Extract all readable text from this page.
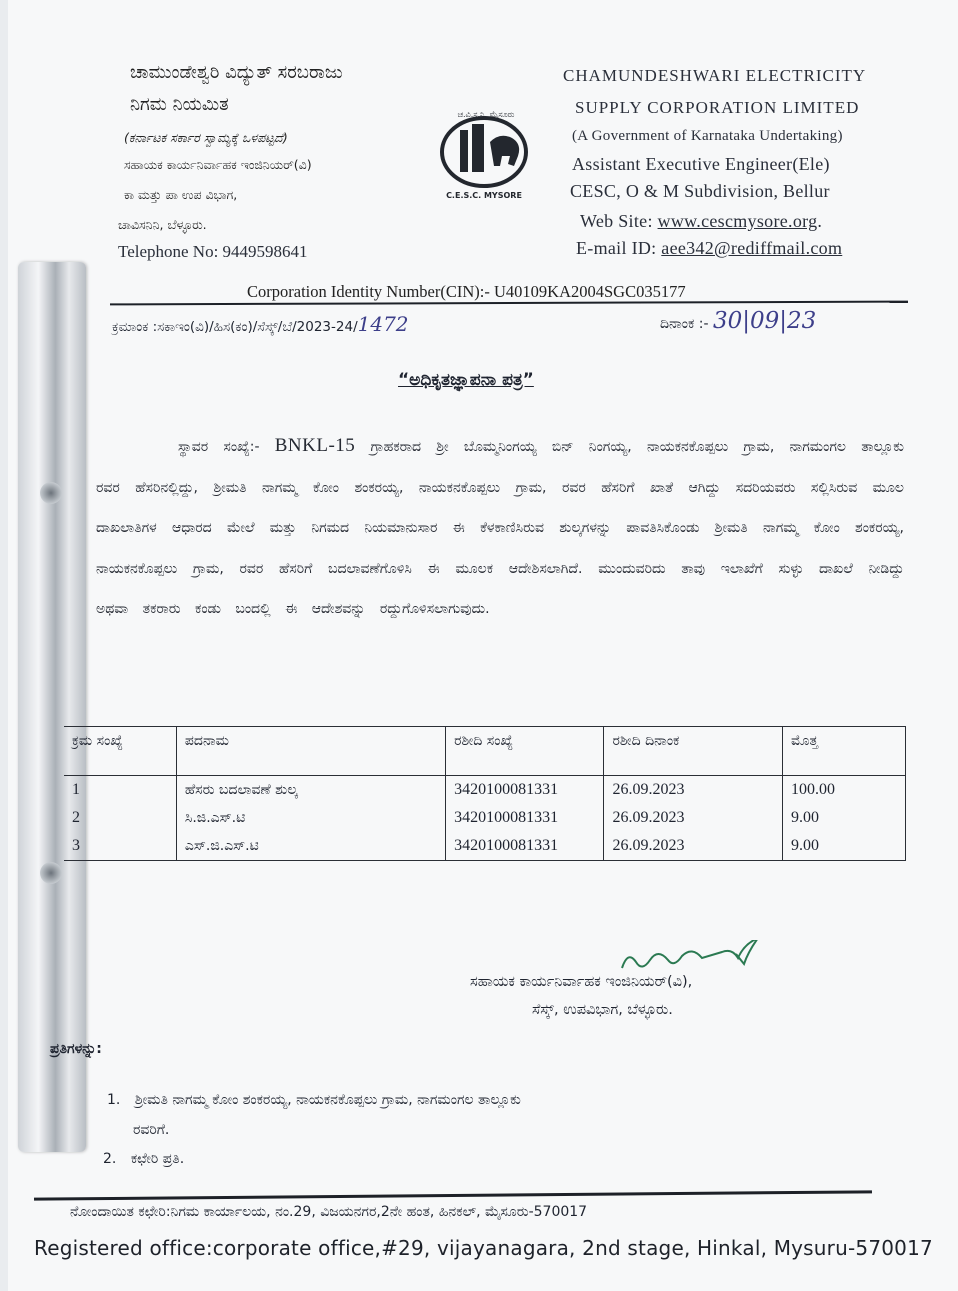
ಚಾಮುಂಡೇಶ್ವರಿ ವಿದ್ಯುತ್ ಸರಬರಾಜು
ನಿಗಮ ನಿಯಮಿತ
(ಕರ್ನಾಟಕ ಸರ್ಕಾರ ಸ್ವಾಮ್ಯಕ್ಕೆ ಒಳಪಟ್ಟದೆ)
ಸಹಾಯಕ ಕಾರ್ಯನಿರ್ವಾಹಕ ಇಂಜಿನಿಯರ್(ವಿ)
ಕಾ ಮತ್ತು ಪಾ ಉಪ ವಿಭಾಗ,
ಚಾವಿಸನಿನಿ, ಬೆಳ್ಳೂರು.
Telephone No: 9449598641
ಚ.ವಿ.ಸ.ನಿ. ಮೈಸೂರು
C.E.S.C. MYSORE
CHAMUNDESHWARI ELECTRICITY
SUPPLY CORPORATION LIMITED
(A Government of Karnataka Undertaking)
Assistant Executive Engineer(Ele)
CESC, O & M Subdivision, Bellur
Web Site: www.cescmysore.org.
E-mail ID: aee342@rediffmail.com
Corporation Identity Number(CIN):- U40109KA2004SGC035177
ಕ್ರಮಾಂಕ :ಸಕಾಇಂ(ವಿ)/ಹಿಸ(ಕಂ)/ಸೆಸ್ಕ್/ಬೆ/2023-24/1472	ದಿನಾಂಕ :- 30|09|23
“ಅಧಿಕೃತಜ್ಞಾಪನಾ ಪತ್ರ”
ಸ್ಥಾವರ ಸಂಖ್ಯೆ:- BNKL-15 ಗ್ರಾಹಕರಾದ ಶ್ರೀ ಬೊಮ್ಮನಿಂಗಯ್ಯ ಬಿನ್ ನಿಂಗಯ್ಯ, ನಾಯಕನಕೊಪ್ಪಲು ಗ್ರಾಮ, ನಾಗಮಂಗಲ ತಾಲ್ಲೂಕು ರವರ ಹೆಸರಿನಲ್ಲಿದ್ದು, ಶ್ರೀಮತಿ ನಾಗಮ್ಮ ಕೋಂ ಶಂಕರಯ್ಯ, ನಾಯಕನಕೊಪ್ಪಲು ಗ್ರಾಮ, ರವರ ಹೆಸರಿಗೆ ಖಾತೆ ಆಗಿದ್ದು ಸದರಿಯವರು ಸಲ್ಲಿಸಿರುವ ಮೂಲ ದಾಖಲಾತಿಗಳ ಆಧಾರದ ಮೇಲೆ ಮತ್ತು ನಿಗಮದ ನಿಯಮಾನುಸಾರ ಈ ಕೆಳಕಾಣಿಸಿರುವ ಶುಲ್ಕಗಳನ್ನು ಪಾವತಿಸಿಕೊಂಡು ಶ್ರೀಮತಿ ನಾಗಮ್ಮ ಕೋಂ ಶಂಕರಯ್ಯ, ನಾಯಕನಕೊಪ್ಪಲು ಗ್ರಾಮ, ರವರ ಹೆಸರಿಗೆ ಬದಲಾವಣೆಗೊಳಿಸಿ ಈ ಮೂಲಕ ಆದೇಶಿಸಲಾಗಿದೆ. ಮುಂದುವರಿದು ತಾವು ಇಲಾಖೆಗೆ ಸುಳ್ಳು ದಾಖಲೆ ನೀಡಿದ್ದು ಅಥವಾ ತಕರಾರು ಕಂಡು ಬಂದಲ್ಲಿ ಈ ಆದೇಶವನ್ನು ರದ್ದುಗೊಳಿಸಲಾಗುವುದು.
ಕ್ರಮ ಸಂಖ್ಯೆ	ಪದನಾಮ	ರಶೀದಿ ಸಂಖ್ಯೆ	ರಶೀದಿ ದಿನಾಂಕ	ಮೊತ್ತ
1	ಹೆಸರು ಬದಲಾವಣೆ ಶುಲ್ಕ	3420100081331	26.09.2023	100.00
2	ಸಿ.ಜಿ.ಎಸ್.ಟಿ	3420100081331	26.09.2023	9.00
3	ಎಸ್.ಜಿ.ಎಸ್.ಟಿ	3420100081331	26.09.2023	9.00
ಸಹಾಯಕ ಕಾರ್ಯನಿರ್ವಾಹಕ ಇಂಜಿನಿಯರ್(ವಿ),
ಸೆಸ್ಕ್, ಉಪವಿಭಾಗ, ಬೆಳ್ಳೂರು.
ಪ್ರತಿಗಳನ್ನು:
1. ಶ್ರೀಮತಿ ನಾಗಮ್ಮ ಕೋಂ ಶಂಕರಯ್ಯ, ನಾಯಕನಕೊಪ್ಪಲು ಗ್ರಾಮ, ನಾಗಮಂಗಲ ತಾಲ್ಲೂಕು
ರವರಿಗೆ.
2. ಕಛೇರಿ ಪ್ರತಿ.
ನೋಂದಾಯಿತ ಕಛೇರಿ:ನಿಗಮ ಕಾರ್ಯಾಲಯ, ನಂ.29, ವಿಜಯನಗರ,2ನೇ ಹಂತ, ಹಿನಕಲ್, ಮೈಸೂರು-570017
Registered office:corporate office,#29, vijayanagara, 2nd stage, Hinkal, Mysuru-570017
